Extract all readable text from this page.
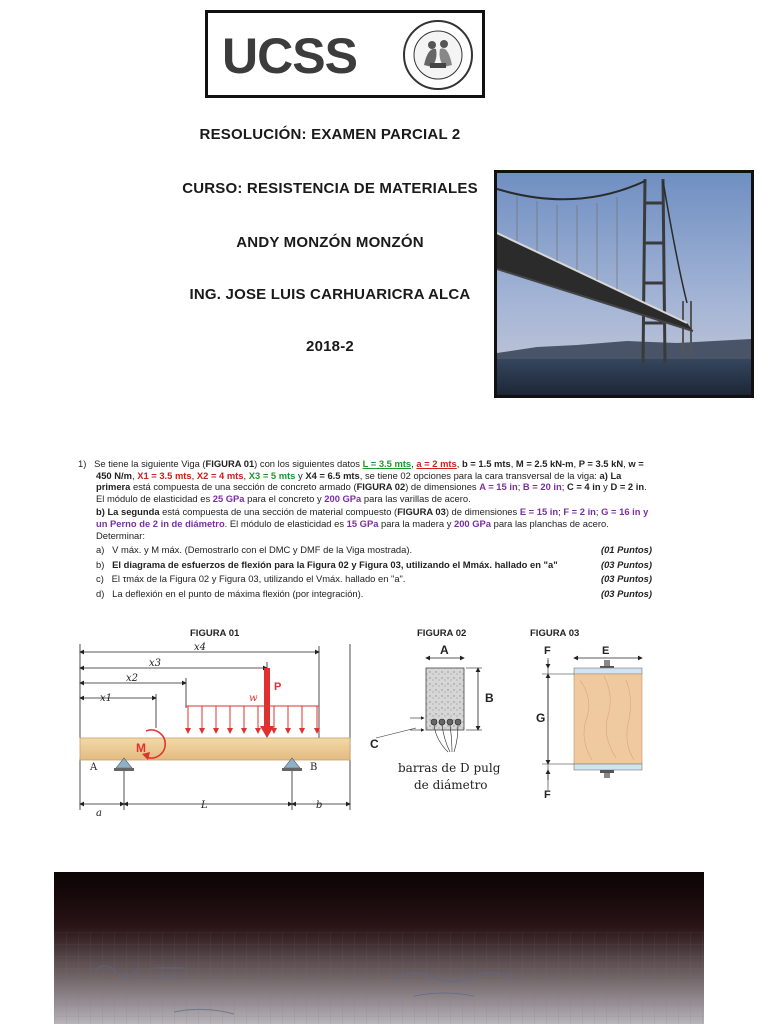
UCSS
RESOLUCIÓN: EXAMEN PARCIAL 2
CURSO: RESISTENCIA DE MATERIALES
ANDY MONZÓN MONZÓN
ING. JOSE LUIS CARHUARICRA ALCA
2018-2

1) Se tiene la siguiente Viga (FIGURA 01) con los siguientes datos L = 3.5 mts, a = 2 mts, b = 1.5 mts, M = 2.5 kN-m, P = 3.5 kN, w = 450 N/m, X1 = 3.5 mts, X2 = 4 mts, X3 = 5 mts y X4 = 6.5 mts, se tiene 02 opciones para la cara transversal de la viga: a) La primera está compuesta de una sección de concreto armado (FIGURA 02) de dimensiones A = 15 in; B = 20 in; C = 4 in y D = 2 in. El módulo de elasticidad es 25 GPa para el concreto y 200 GPa para las varillas de acero.

b) La segunda está compuesta de una sección de material compuesto (FIGURA 03) de dimensiones E = 15 in; F = 2 in; G = 16 in y un Perno de 2 in de diámetro. El módulo de elasticidad es 15 GPa para la madera y 200 GPa para las planchas de acero.

Determinar:

a) V máx. y M máx. (Demostrarlo con el DMC y DMF de la Viga mostrada).	(01 Puntos)
b) El diagrama de esfuerzos de flexión para la Figura 02 y Figura 03, utilizando el Mmáx. hallado en "a"	(03 Puntos)
c) El τmáx de la Figura 02 y Figura 03, utilizando el Vmáx. hallado en "a".	(03 Puntos)
d) La deflexión en el punto de máxima flexión (por integración).	(03 Puntos)
FIGURA 01	FIGURA 02	FIGURA 03
x4
x3
x2
x1
P
w
M
A	B
a
L	b
A
B
C
barras de D pulg
de diámetro
F	E
G
F
